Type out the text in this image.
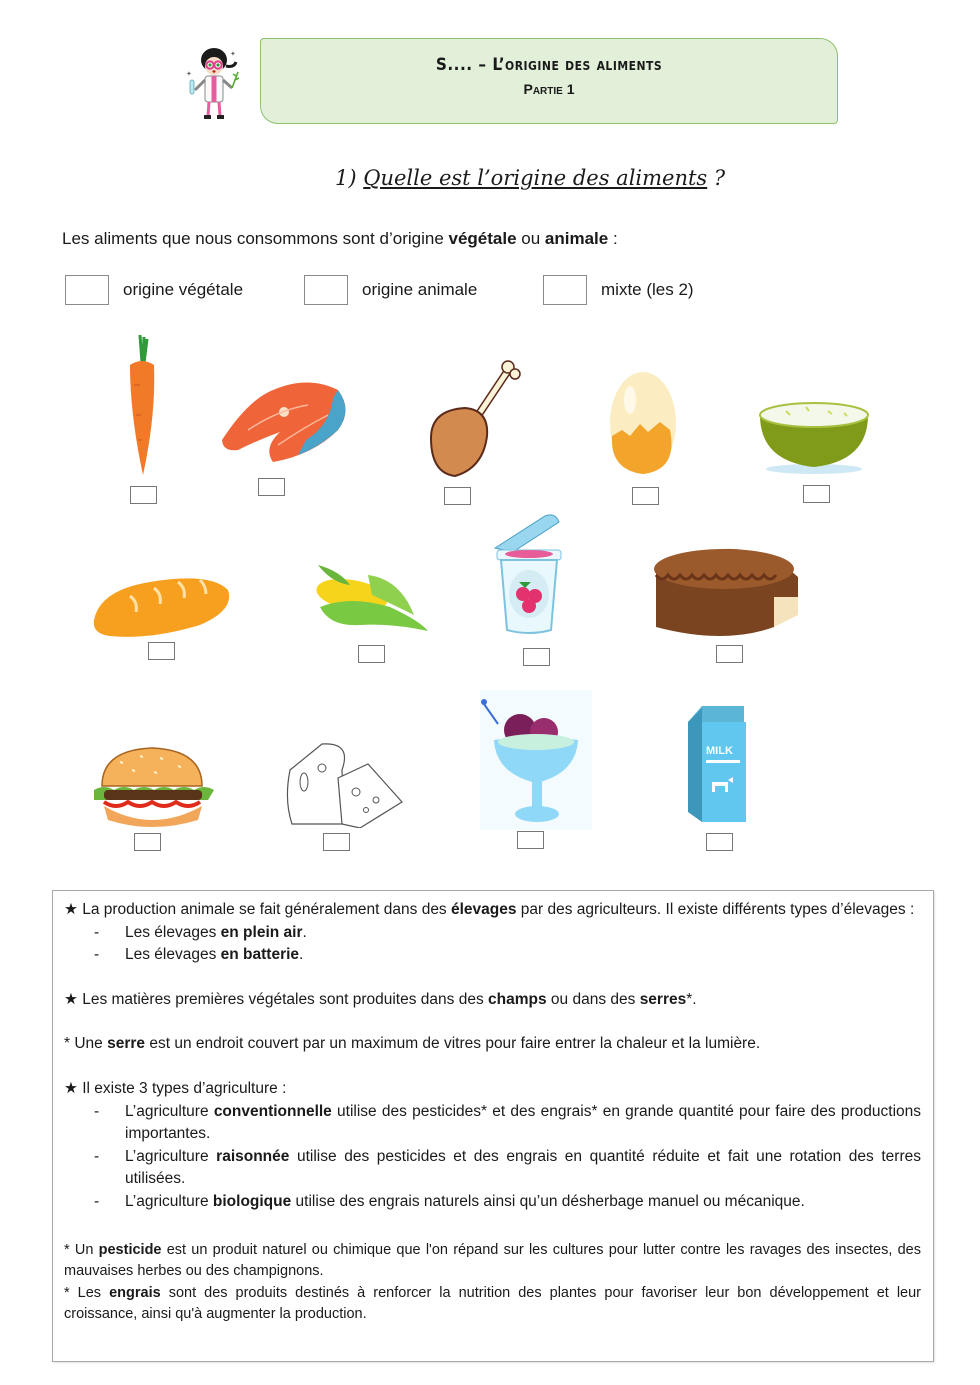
✦
✦
S.... – L’origine des aliments
Partie 1
1) Quelle est l’origine des aliments ?
Les aliments que nous consommons sont d’origine végétale ou animale :
origine végétale	origine animale	mixte (les 2)
MILK

★ La production animale se fait généralement dans des élevages par des agriculteurs. Il existe différents types d’élevages :

- Les élevages en plein air.
- Les élevages en batterie.

★ Les matières premières végétales sont produites dans des champs ou dans des serres*.

* Une serre est un endroit couvert par un maximum de vitres pour faire entrer la chaleur et la lumière.

★ Il existe 3 types d’agriculture :

- L’agriculture conventionnelle utilise des pesticides* et des engrais* en grande quantité pour faire des productions importantes.
- L’agriculture raisonnée utilise des pesticides et des engrais en quantité réduite et fait une rotation des terres utilisées.
- L’agriculture biologique utilise des engrais naturels ainsi qu’un désherbage manuel ou mécanique.

* Un pesticide est un produit naturel ou chimique que l'on répand sur les cultures pour lutter contre les ravages des insectes, des mauvaises herbes ou des champignons.

* Les engrais sont des produits destinés à renforcer la nutrition des plantes pour favoriser leur bon développement et leur croissance, ainsi qu'à augmenter la production.
